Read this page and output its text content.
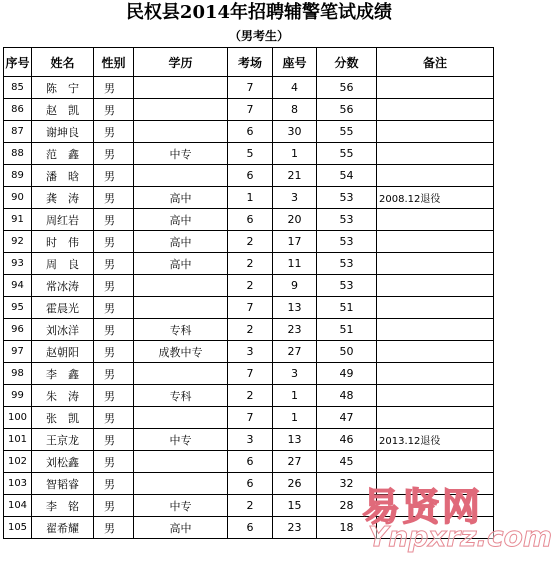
民权县2014年招聘辅警笔试成绩
（男考生）
序号	姓名	性别	学历	考场	座号	分数	备注
85	陈　宁	男		7	4	56	
86	赵　凯	男		7	8	56	
87	谢坤良	男		6	30	55	
88	范　鑫	男	中专	5	1	55	
89	潘　晗	男		6	21	54	
90	龚　涛	男	高中	1	3	53	2008.12退役
91	周红岩	男	高中	6	20	53	
92	时　伟	男	高中	2	17	53	
93	周　良	男	高中	2	11	53	
94	常冰涛	男		2	9	53	
95	霍晨光	男		7	13	51	
96	刘冰洋	男	专科	2	23	51	
97	赵朝阳	男	成教中专	3	27	50	
98	李　鑫	男		7	3	49	
99	朱　涛	男	专科	2	1	48	
100	张　凯	男		7	1	47	
101	王京龙	男	中专	3	13	46	2013.12退役
102	刘松鑫	男		6	27	45	
103	智韬睿	男		6	26	32	
104	李　铭	男	中专	2	15	28	
105	翟希耀	男	高中	6	23	18	易贤网
Ynpxrz.com
